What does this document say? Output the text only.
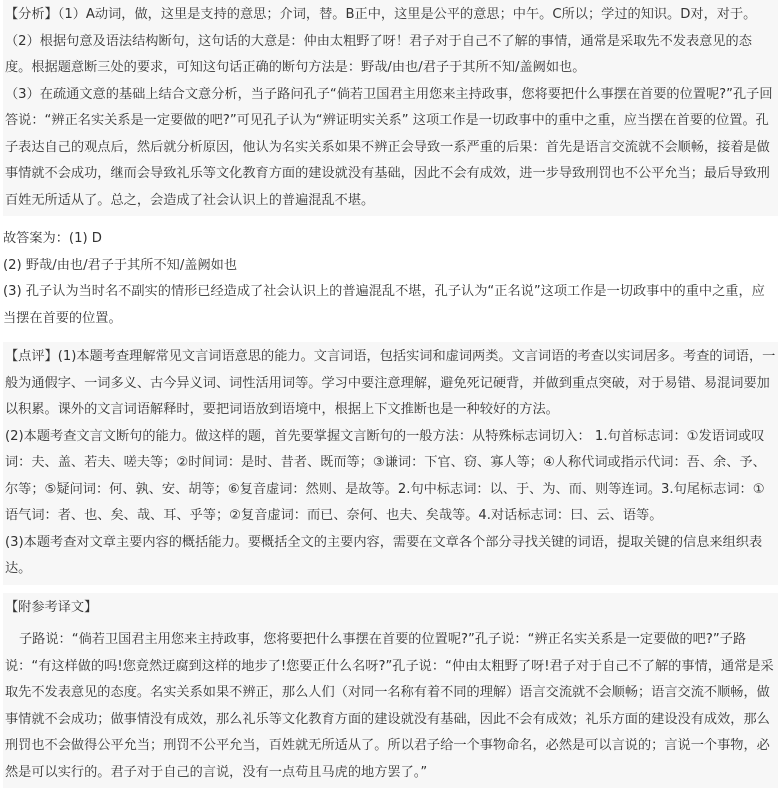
【分析】（1）A动词，做，这里是支持的意思；介词，替。B正中，这里是公平的意思；中午。C所以；学过的知识。D对，对于。

（2）根据句意及语法结构断句，这句话的大意是：仲由太粗野了呀！君子对于自己不了解的事情，通常是采取先不发表意见的态度。根据题意断三处的要求，可知这句话正确的断句方法是：野哉/由也/君子于其所不知/盖阙如也。

（3）在疏通文意的基础上结合文意分析，当子路问孔子“倘若卫国君主用您来主持政事，您将要把什么事摆在首要的位置呢?”孔子回答说：“辨正名实关系是一定要做的吧?”可见孔子认为“辨证明实关系” 这项工作是一切政事中的重中之重，应当摆在首要的位置。孔子表达自己的观点后，然后就分析原因，他认为名实关系如果不辨正会导致一系严重的后果：首先是语言交流就不会顺畅，接着是做事情就不会成功，继而会导致礼乐等文化教育方面的建设就没有基础，因此不会有成效，进一步导致刑罚也不公平允当；最后导致刑百姓无所适从了。总之，会造成了社会认识上的普遍混乱不堪。

故答案为：(1) D

(2) 野哉/由也/君子于其所不知/盖阙如也

(3) 孔子认为当时名不副实的情形已经造成了社会认识上的普遍混乱不堪，孔子认为“正名说”这项工作是一切政事中的重中之重，应当摆在首要的位置。

【点评】(1)本题考查理解常见文言词语意思的能力。文言词语，包括实词和虚词两类。文言词语的考查以实词居多。考查的词语，一般为通假字、一词多义、古今异义词、词性活用词等。学习中要注意理解，避免死记硬背，并做到重点突破，对于易错、易混词要加以积累。课外的文言词语解释时，要把词语放到语境中，根据上下文推断也是一种较好的方法。

(2)本题考查文言文断句的能力。做这样的题，首先要掌握文言断句的一般方法：从特殊标志词切入： 1.句首标志词：①发语词或叹词：夫、盖、若夫、嗟夫等；②时间词：是时、昔者、既而等；③谦词：下官、窃、寡人等；④人称代词或指示代词：吾、余、予、尔等；⑤疑问词：何、孰、安、胡等；⑥复音虚词：然则、是故等。2.句中标志词：以、于、为、而、则等连词。3.句尾标志词：①语气词：者、也、矣、哉、耳、乎等；②复音虚词：而已、奈何、也夫、矣哉等。4.对话标志词：曰、云、语等。

(3)本题考查对文章主要内容的概括能力。要概括全文的主要内容，需要在文章各个部分寻找关键的词语，提取关键的信息来组织表达。

【附参考译文】

子路说：“倘若卫国君主用您来主持政事，您将要把什么事摆在首要的位置呢?”孔子说：“辨正名实关系是一定要做的吧?”子路说：“有这样做的吗!您竟然迂腐到这样的地步了!您要正什么名呀?”孔子说：“仲由太粗野了呀!君子对于自己不了解的事情，通常是采取先不发表意见的态度。名实关系如果不辨正，那么人们（对同一名称有着不同的理解）语言交流就不会顺畅；语言交流不顺畅，做事情就不会成功；做事情没有成效，那么礼乐等文化教育方面的建设就没有基础，因此不会有成效；礼乐方面的建设没有成效，那么刑罚也不会做得公平允当；刑罚不公平允当，百姓就无所适从了。所以君子给一个事物命名，必然是可以言说的；言说一个事物，必然是可以实行的。君子对于自己的言说，没有一点苟且马虎的地方罢了。”
